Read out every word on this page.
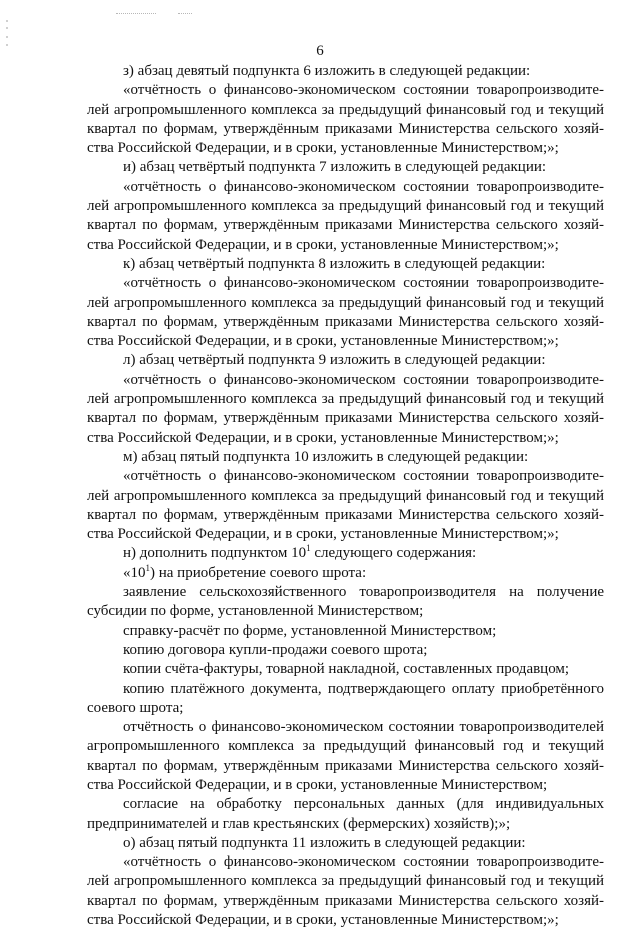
6
з) абзац девятый подпункта 6 изложить в следующей редакции:
«отчётность о финансово-экономическом состоянии товаропроизводите-
лей агропромышленного комплекса за предыдущий финансовый год и текущий
квартал по формам, утверждённым приказами Министерства сельского хозяй-
ства Российской Федерации, и в сроки, установленные Министерством;»;
и) абзац четвёртый подпункта 7 изложить в следующей редакции:
«отчётность о финансово-экономическом состоянии товаропроизводите-
лей агропромышленного комплекса за предыдущий финансовый год и текущий
квартал по формам, утверждённым приказами Министерства сельского хозяй-
ства Российской Федерации, и в сроки, установленные Министерством;»;
к) абзац четвёртый подпункта 8 изложить в следующей редакции:
«отчётность о финансово-экономическом состоянии товаропроизводите-
лей агропромышленного комплекса за предыдущий финансовый год и текущий
квартал по формам, утверждённым приказами Министерства сельского хозяй-
ства Российской Федерации, и в сроки, установленные Министерством;»;
л) абзац четвёртый подпункта 9 изложить в следующей редакции:
«отчётность о финансово-экономическом состоянии товаропроизводите-
лей агропромышленного комплекса за предыдущий финансовый год и текущий
квартал по формам, утверждённым приказами Министерства сельского хозяй-
ства Российской Федерации, и в сроки, установленные Министерством;»;
м) абзац пятый подпункта 10 изложить в следующей редакции:
«отчётность о финансово-экономическом состоянии товаропроизводите-
лей агропромышленного комплекса за предыдущий финансовый год и текущий
квартал по формам, утверждённым приказами Министерства сельского хозяй-
ства Российской Федерации, и в сроки, установленные Министерством;»;
н) дополнить подпунктом $10^1$ следующего содержания:
«$10^1$) на приобретение соевого шрота:
заявление сельскохозяйственного товаропроизводителя на получение
субсидии по форме, установленной Министерством;
справку-расчёт по форме, установленной Министерством;
копию договора купли-продажи соевого шрота;
копии счёта-фактуры, товарной накладной, составленных продавцом;
копию платёжного документа, подтверждающего оплату приобретённого
соевого шрота;
отчётность о финансово-экономическом состоянии товаропроизводителей
агропромышленного комплекса за предыдущий финансовый год и текущий
квартал по формам, утверждённым приказами Министерства сельского хозяй-
ства Российской Федерации, и в сроки, установленные Министерством;
согласие на обработку персональных данных (для индивидуальных
предпринимателей и глав крестьянских (фермерских) хозяйств);»;
о) абзац пятый подпункта 11 изложить в следующей редакции:
«отчётность о финансово-экономическом состоянии товаропроизводите-
лей агропромышленного комплекса за предыдущий финансовый год и текущий
квартал по формам, утверждённым приказами Министерства сельского хозяй-
ства Российской Федерации, и в сроки, установленные Министерством;»;
